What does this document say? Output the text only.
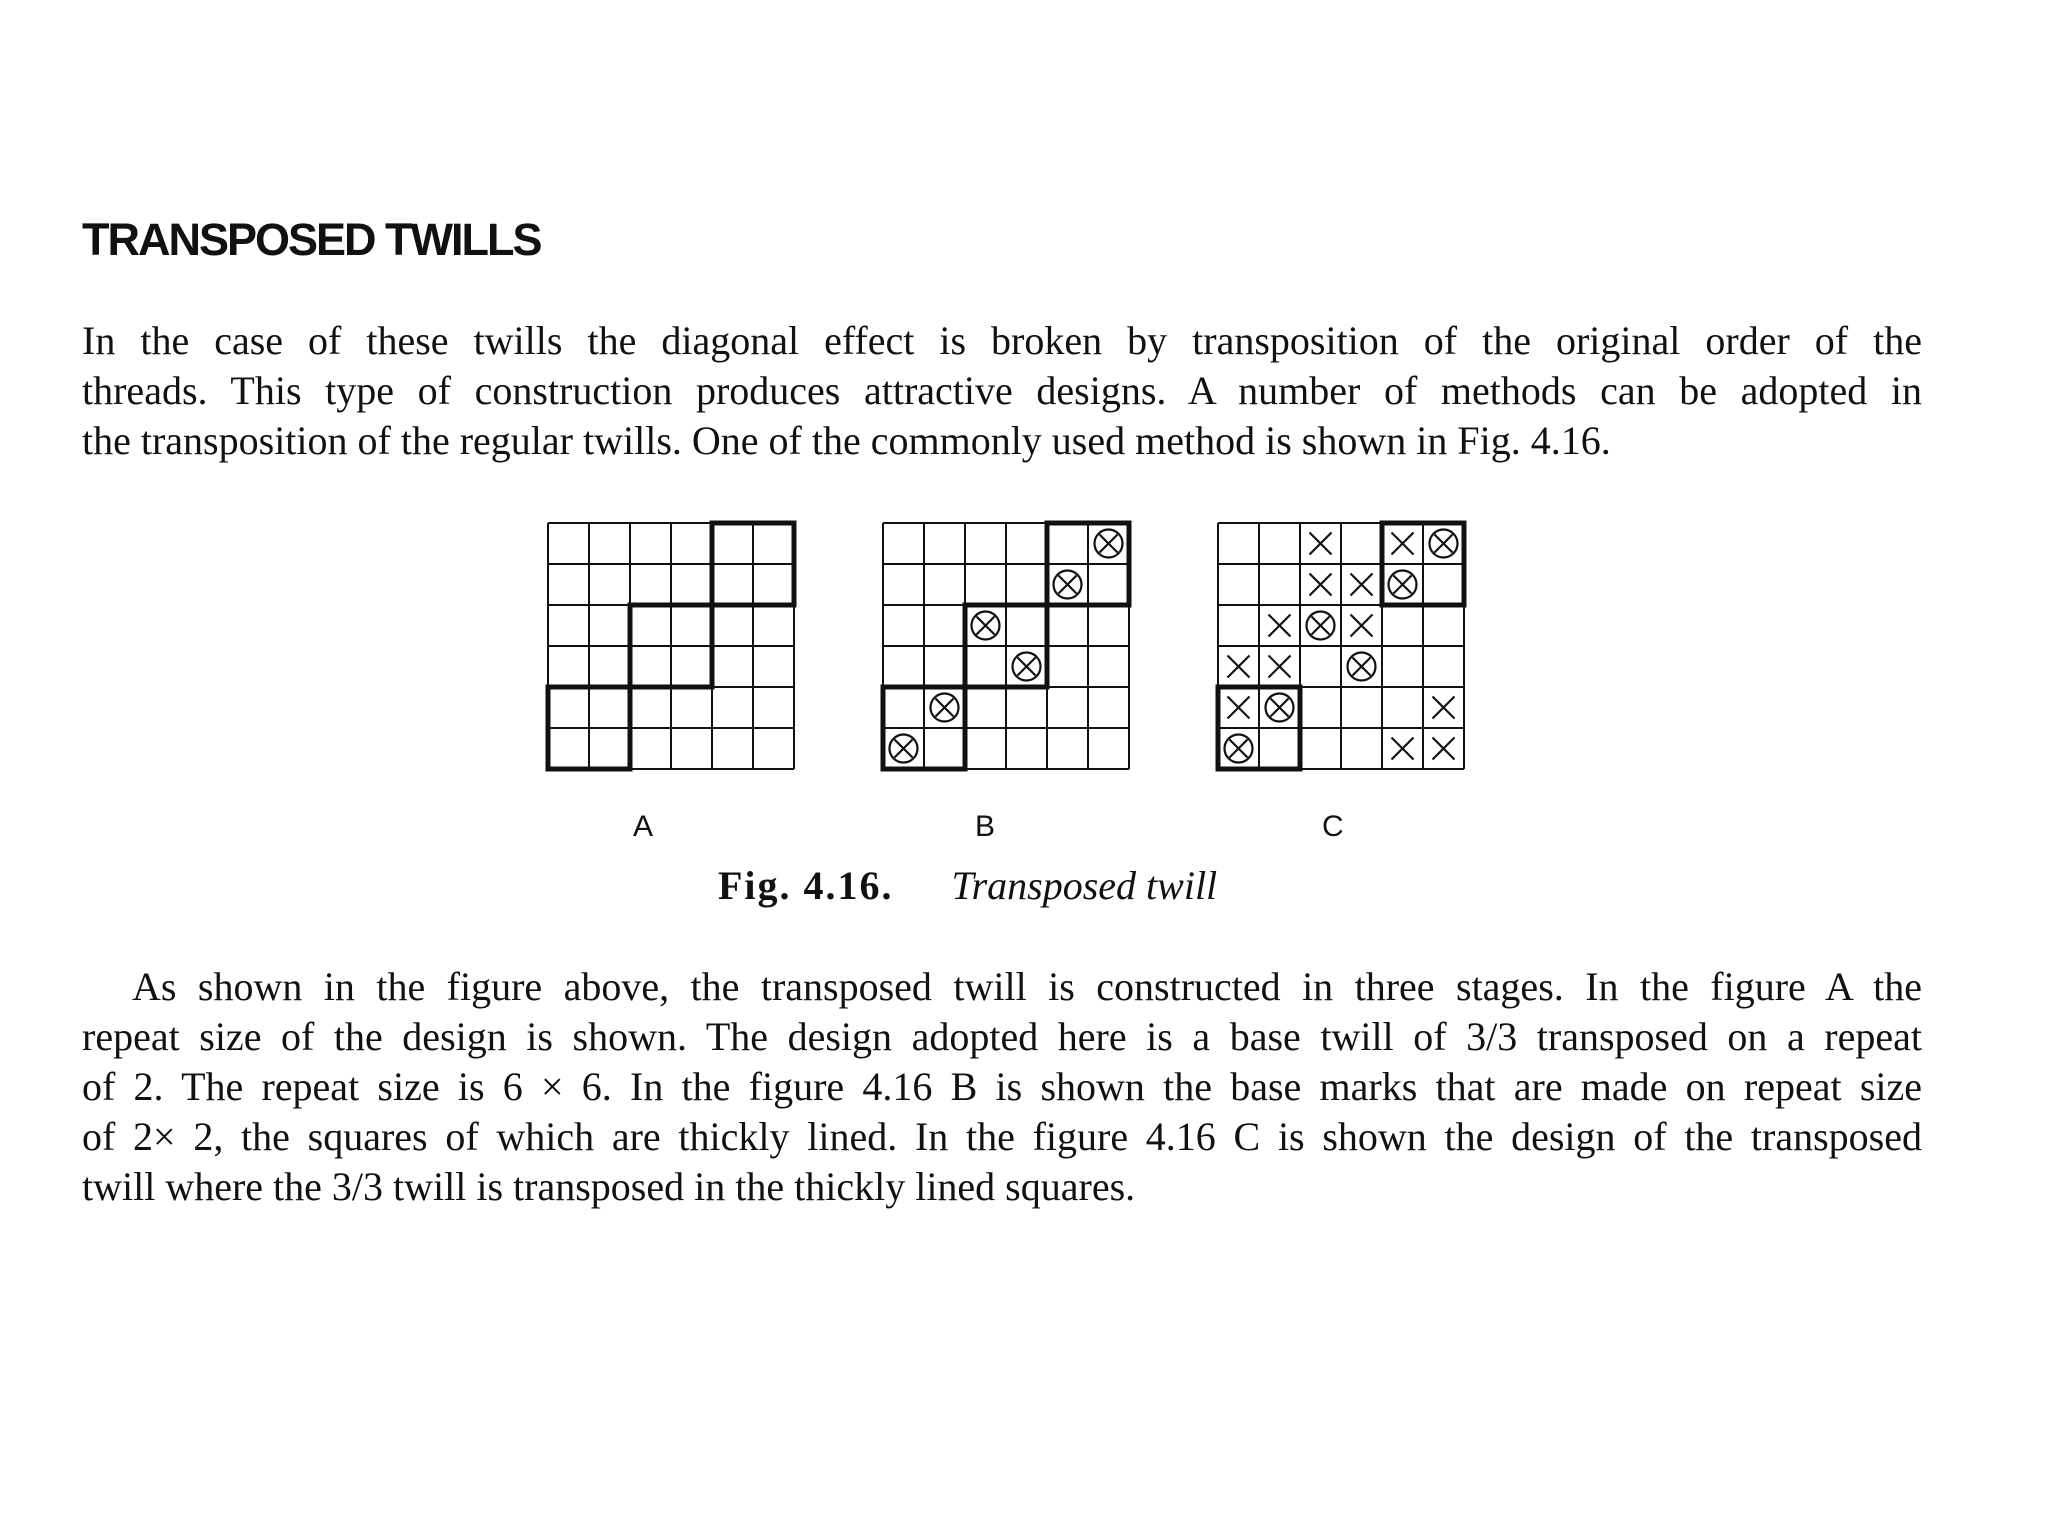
TRANSPOSED TWILLS

In the case of these twills the diagonal effect is broken by transposition of the original order of the
threads. This type of construction produces attractive designs. A number of methods can be adopted in
the transposition of the regular twills. One of the commonly used method is shown in Fig. 4.16.

A	B	C
Fig. 4.16. Transposed twill

As shown in the figure above, the transposed twill is constructed in three stages. In the figure A the
repeat size of the design is shown. The design adopted here is a base twill of 3/3 transposed on a repeat
of 2. The repeat size is 6 × 6. In the figure 4.16 B is shown the base marks that are made on repeat size
of 2× 2, the squares of which are thickly lined. In the figure 4.16 C is shown the design of the transposed
twill where the 3/3 twill is transposed in the thickly lined squares.
